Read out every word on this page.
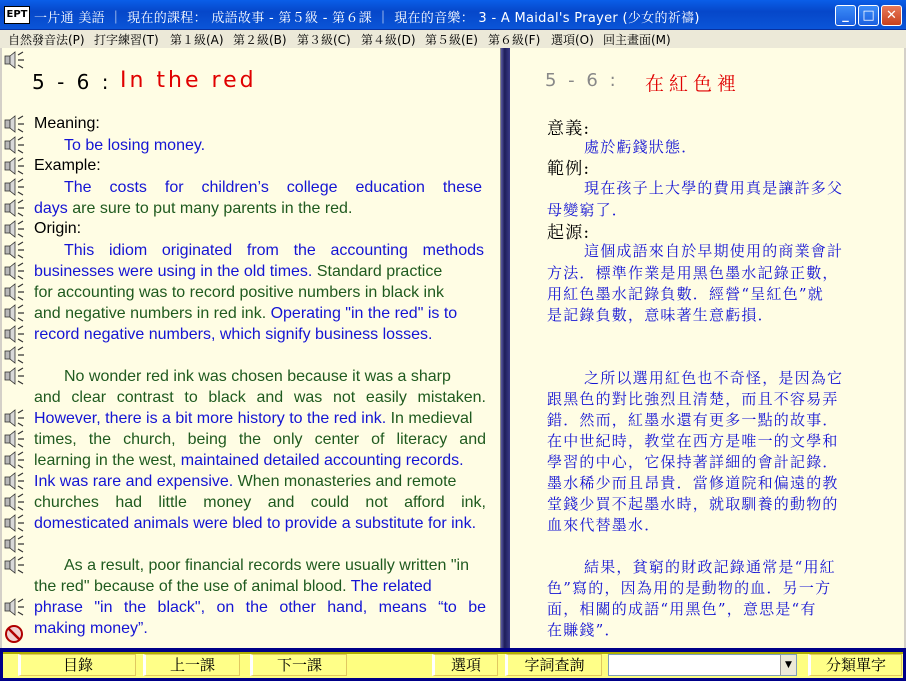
EPT 一片通 美語 ｜ 現在的課程： 成語故事 - 第５級 - 第６課 ｜ 現在的音樂： 3 - A Maidal's Prayer (少女的祈禱)	_	□ ✕
自然發音法(P) 打字練習(T) 第１級(A) 第２級(B) 第３級(C) 第４級(D) 第５級(E) 第６級(F) 選項(O) 回主畫面(M)
5 - 6 : In the red
Meaning:
To be losing money.
Example:
The costs for children’s college education these
days are sure to put many parents in the red.
Origin:
This idiom originated from the accounting methods
businesses were using in the old times. Standard practice
for accounting was to record positive numbers in black ink
and negative numbers in red ink. Operating "in the red" is to
record negative numbers, which signify business losses.
No wonder red ink was chosen because it was a sharp
and clear contrast to black and was not easily mistaken.
However, there is a bit more history to the red ink. In medieval
times, the church, being the only center of literacy and
learning in the west, maintained detailed accounting records.
Ink was rare and expensive. When monasteries and remote
churches had little money and could not afford ink,
domesticated animals were bled to provide a substitute for ink.
As a result, poor financial records were usually written "in
the red" because of the use of animal blood. The related
phrase "in the black", on the other hand, means “to be
making money”.
5 - 6 : 在紅色裡
意義:
處於虧錢狀態．
範例:
現在孩子上大學的費用真是讓許多父
母變窮了．
起源:
這個成語來自於早期使用的商業會計
方法．標準作業是用黑色墨水記錄正數，
用紅色墨水記錄負數．經營“呈紅色”就
是記錄負數，意味著生意虧損．
之所以選用紅色也不奇怪，是因為它
跟黑色的對比強烈且清楚，而且不容易弄
錯．然而，紅墨水還有更多一點的故事．
在中世紀時，教堂在西方是唯一的文學和
學習的中心，它保持著詳細的會計記錄．
墨水稀少而且昂貴．當修道院和偏遠的教
堂錢少買不起墨水時，就取馴養的動物的
血來代替墨水．
結果，貧窮的財政記錄通常是“用紅
色”寫的，因為用的是動物的血．另一方
面，相關的成語“用黑色”，意思是“有
在賺錢”．
目錄	上一課	下一課	選項	字詞查詢	▼	分類單字
